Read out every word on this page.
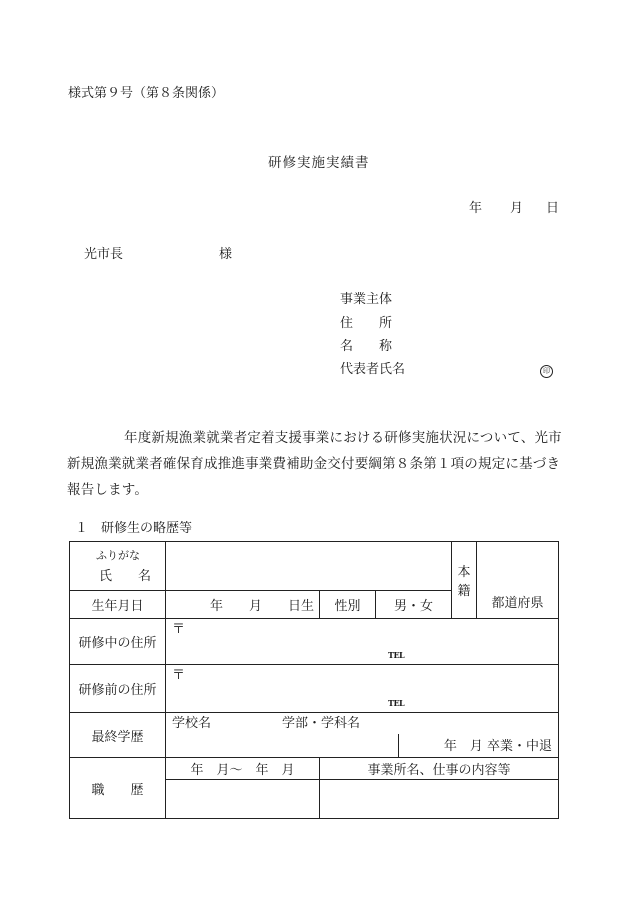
様式第９号（第８条関係）
研修実施実績書
年 月 日
光市長	様
事業主体
住　　所
名　　称
代表者氏名	印
年度新規漁業就業者定着支援事業における研修実施状況について、光市
新規漁業就業者確保育成推進事業費補助金交付要綱第８条第１項の規定に基づき
報告します。
１　研修生の略歴等
ふりがな
氏　　名				本籍	都道府県
生年月日	年　　月　　日生	性別	男・女		
研修中の住所	〒
TEL				

研修前の住所	〒
TEL				

最終学歴	学校名 学部・学科名
年　月 卒業・中退				

職　　歴	年　月～　年　月	事業所名、仕事の内容等			
